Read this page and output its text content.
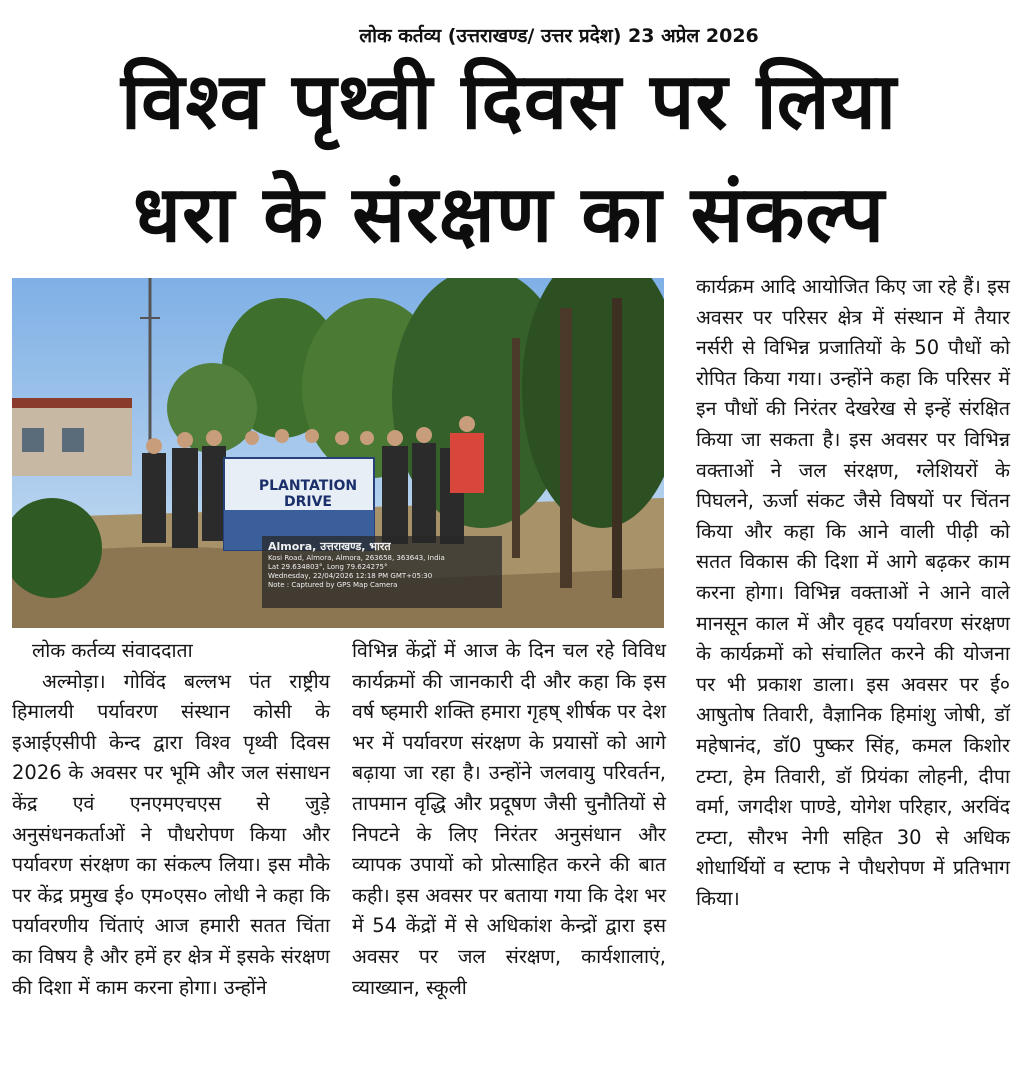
लोक कर्तव्य (उत्तराखण्ड/ उत्तर प्रदेश) 23 अप्रेल 2026
विश्व पृथ्वी दिवस पर लिया
धरा के संरक्षण का संकल्प
PLANTATION DRIVE
Almora, उत्तराखण्ड, भारत
Kosi Road, Almora, Almora, 263658, 363643, India
Lat 29.634803°, Long 79.624275°
Wednesday, 22/04/2026 12:18 PM GMT+05:30
Note : Captured by GPS Map Camera

लोक कर्तव्य संवाददाता

अल्मोड़ा। गोविंद बल्लभ पंत राष्ट्रीय हिमालयी पर्यावरण संस्थान कोसी के इआईएसीपी केन्द द्वारा विश्व पृथ्वी दिवस 2026 के अवसर पर भूमि और जल संसाधन केंद्र एवं एनएमएचएस से जुड़े अनुसंधनकर्ताओं ने पौधरोपण किया और पर्यावरण संरक्षण का संकल्प लिया। इस मौके पर केंद्र प्रमुख ई० एम०एस० लोधी ने कहा कि पर्यावरणीय चिंताएं आज हमारी सतत चिंता का विषय है और हमें हर क्षेत्र में इसके संरक्षण की दिशा में काम करना होगा। उन्होंने

विभिन्न केंद्रों में आज के दिन चल रहे विविध कार्यक्रमों की जानकारी दी और कहा कि इस वर्ष ष्हमारी शक्ति हमारा गृहष् शीर्षक पर देश भर में पर्यावरण संरक्षण के प्रयासों को आगे बढ़ाया जा रहा है। उन्होंने जलवायु परिवर्तन, तापमान वृद्धि और प्रदूषण जैसी चुनौतियों से निपटने के लिए निरंतर अनुसंधान और व्यापक उपायों को प्रोत्साहित करने की बात कही। इस अवसर पर बताया गया कि देश भर में 54 केंद्रों में से अधिकांश केन्द्रों द्वारा इस अवसर पर जल संरक्षण, कार्यशालाएं, व्याख्यान, स्कूली

कार्यक्रम आदि आयोजित किए जा रहे हैं। इस अवसर पर परिसर क्षेत्र में संस्थान में तैयार नर्सरी से विभिन्न प्रजातियों के 50 पौधों को रोपित किया गया। उन्होंने कहा कि परिसर में इन पौधों की निरंतर देखरेख से इन्हें संरक्षित किया जा सकता है। इस अवसर पर विभिन्न वक्ताओं ने जल संरक्षण, ग्लेशियरों के पिघलने, ऊर्जा संकट जैसे विषयों पर चिंतन किया और कहा कि आने वाली पीढ़ी को सतत विकास की दिशा में आगे बढ़कर काम करना होगा। विभिन्न वक्ताओं ने आने वाले मानसून काल में और वृहद पर्यावरण संरक्षण के कार्यक्रमों को संचालित करने की योजना पर भी प्रकाश डाला। इस अवसर पर ई० आषुतोष तिवारी, वैज्ञानिक हिमांशु जोषी, डॉ महेषानंद, डॉ0 पुष्कर सिंह, कमल किशोर टम्टा, हेम तिवारी, डॉ प्रियंका लोहनी, दीपा वर्मा, जगदीश पाण्डे, योगेश परिहार, अरविंद टम्टा, सौरभ नेगी सहित 30 से अधिक शोधार्थियों व स्टाफ ने पौधरोपण में प्रतिभाग किया।
